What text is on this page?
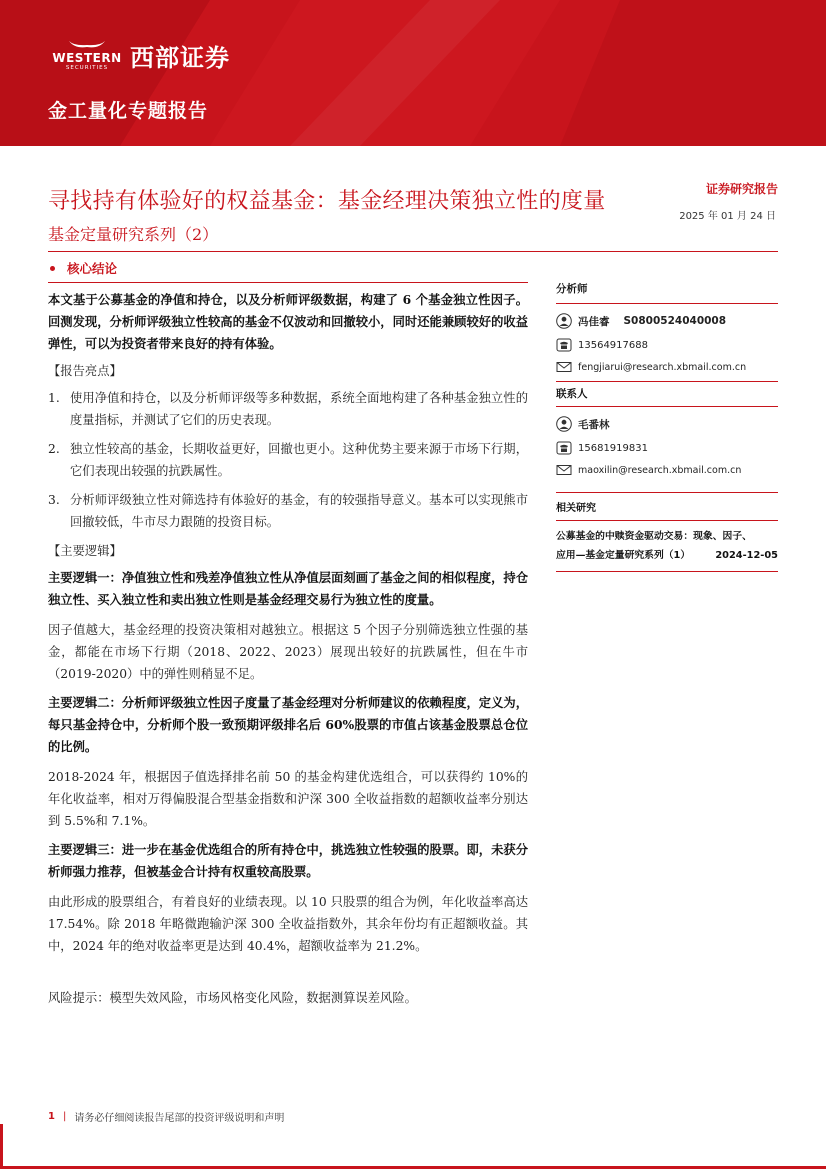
WESTERN
SECURITIES 西部证券
金工量化专题报告
寻找持有体验好的权益基金：基金经理决策独立性的度量	证券研究报告
2025 年 01 月 24 日
基金定量研究系列（2）
核心结论

本文基于公募基金的净值和持仓，以及分析师评级数据，构建了 6 个基金独立性因子。回测发现，分析师评级独立性较高的基金不仅波动和回撤较小，同时还能兼顾较好的收益弹性，可以为投资者带来良好的持有体验。

【报告亮点】
1. 使用净值和持仓，以及分析师评级等多种数据，系统全面地构建了各种基金独立性的度量指标，并测试了它们的历史表现。
2. 独立性较高的基金，长期收益更好，回撤也更小。这种优势主要来源于市场下行期，它们表现出较强的抗跌属性。
3. 分析师评级独立性对筛选持有体验好的基金，有的较强指导意义。基本可以实现熊市回撤较低，牛市尽力跟随的投资目标。
【主要逻辑】

主要逻辑一：净值独立性和残差净值独立性从净值层面刻画了基金之间的相似程度，持仓独立性、买入独立性和卖出独立性则是基金经理交易行为独立性的度量。

因子值越大，基金经理的投资决策相对越独立。根据这 5 个因子分别筛选独立性强的基金，都能在市场下行期（2018、2022、2023）展现出较好的抗跌属性，但在牛市（2019-2020）中的弹性则稍显不足。

主要逻辑二：分析师评级独立性因子度量了基金经理对分析师建议的依赖程度，定义为，每只基金持仓中，分析师个股一致预期评级排名后 60%股票的市值占该基金股票总仓位的比例。

2018-2024 年，根据因子值选择排名前 50 的基金构建优选组合，可以获得约 10%的年化收益率，相对万得偏股混合型基金指数和沪深 300 全收益指数的超额收益率分别达到 5.5%和 7.1%。

主要逻辑三：进一步在基金优选组合的所有持仓中，挑选独立性较强的股票。即，未获分析师强力推荐，但被基金合计持有权重较高股票。

由此形成的股票组合，有着良好的业绩表现。以 10 只股票的组合为例，年化收益率高达 17.54%。除 2018 年略微跑输沪深 300 全收益指数外，其余年份均有正超额收益。其中，2024 年的绝对收益率更是达到 40.4%，超额收益率为 21.2%。

风险提示：模型失效风险，市场风格变化风险，数据测算误差风险。

分析师
冯佳睿 S0800524040008
13564917688
fengjiarui@research.xbmail.com.cn
联系人
毛番林
15681919831
maoxilin@research.xbmail.com.cn
相关研究
公募基金的中赎资金驱动交易：现象、因子、
应用—基金定量研究系列（1）	2024-12-05
1 | 请务必仔细阅读报告尾部的投资评级说明和声明
